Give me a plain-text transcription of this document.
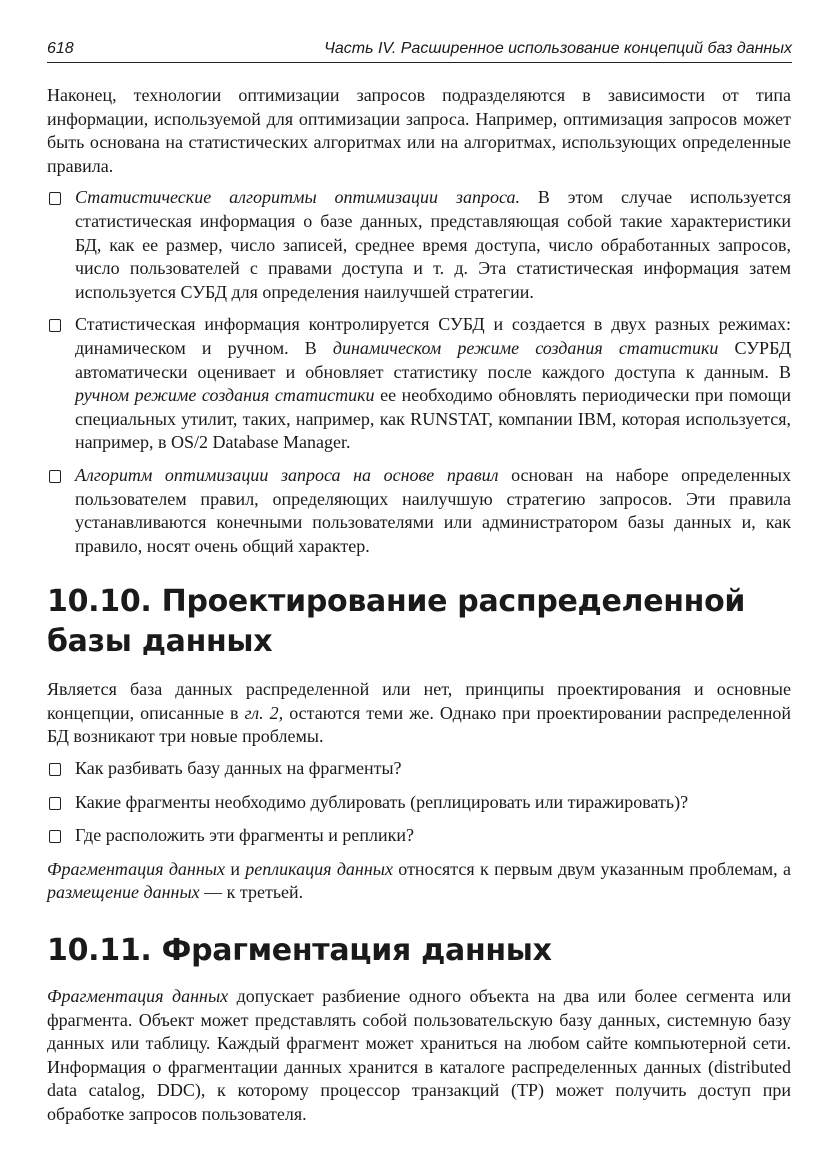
618	Часть IV. Расширенное использование концепций баз данных

Наконец, технологии оптимизации запросов подразделяются в зависимости от типа информации, используемой для оптимизации запроса. Например, оптимизация запросов может быть основана на статистических алгоритмах или на алгоритмах, использующих определенные правила.

Статистические алгоритмы оптимизации запроса. В этом случае используется статистическая информация о базе данных, представляющая собой такие характеристики БД, как ее размер, число записей, среднее время доступа, число обработанных запросов, число пользователей с правами доступа и т. д. Эта статистическая информация затем используется СУБД для определения наилучшей стратегии.
Статистическая информация контролируется СУБД и создается в двух разных режимах: динамическом и ручном. В динамическом режиме создания статистики СУРБД автоматически оценивает и обновляет статистику после каждого доступа к данным. В ручном режиме создания статистики ее необходимо обновлять периодически при помощи специальных утилит, таких, например, как RUNSTAT, компании IBM, которая используется, например, в OS/2 Database Manager.
Алгоритм оптимизации запроса на основе правил основан на наборе определенных пользователем правил, определяющих наилучшую стратегию запросов. Эти правила устанавливаются конечными пользователями или администратором базы данных и, как правило, носят очень общий характер.
10.10. Проектирование распределенной базы данных

Является база данных распределенной или нет, принципы проектирования и основные концепции, описанные в гл. 2, остаются теми же. Однако при проектировании распределенной БД возникают три новые проблемы.

Как разбивать базу данных на фрагменты?
Какие фрагменты необходимо дублировать (реплицировать или тиражировать)?
Где расположить эти фрагменты и реплики?

Фрагментация данных и репликация данных относятся к первым двум указанным проблемам, а размещение данных — к третьей.

10.11. Фрагментация данных

Фрагментация данных допускает разбиение одного объекта на два или более сегмента или фрагмента. Объект может представлять собой пользовательскую базу данных, системную базу данных или таблицу. Каждый фрагмент может храниться на любом сайте компьютерной сети. Информация о фрагментации данных хранится в каталоге распределенных данных (distributed data catalog, DDC), к которому процессор транзакций (TP) может получить доступ при обработке запросов пользователя.
